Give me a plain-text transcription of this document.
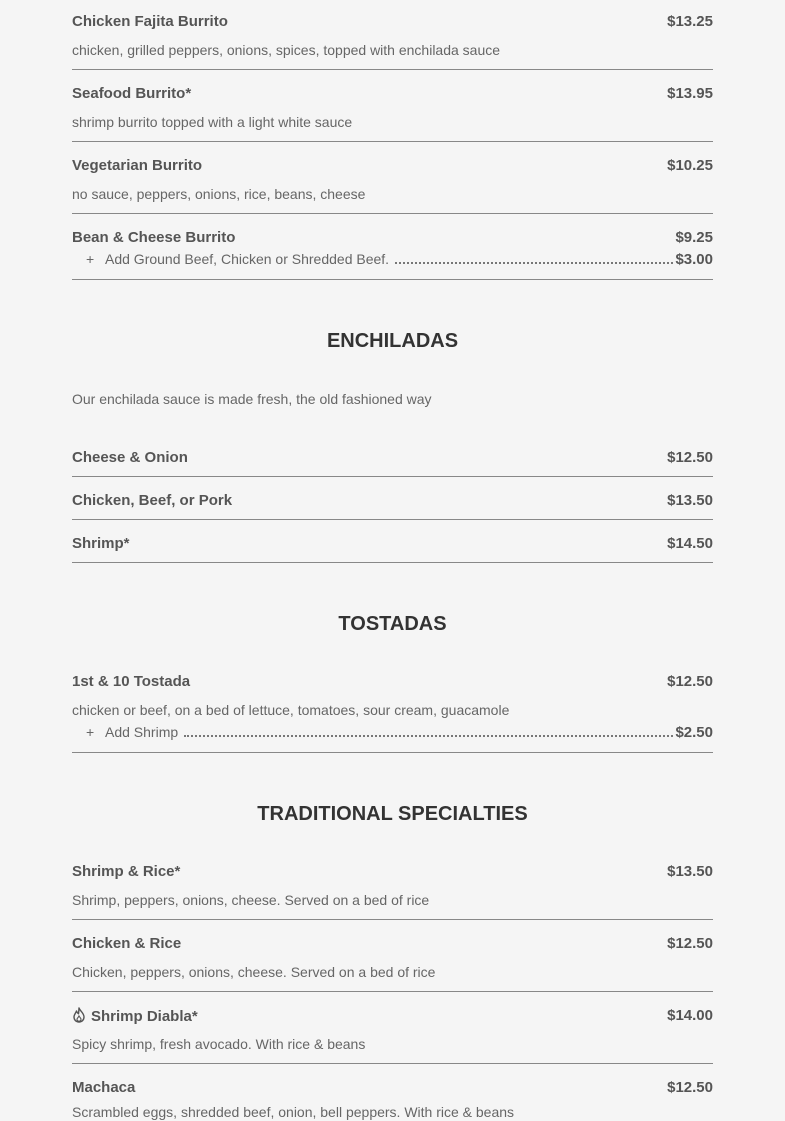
Chicken Fajita Burrito	$13.25
chicken, grilled peppers, onions, spices, topped with enchilada sauce
Seafood Burrito*	$13.95
shrimp burrito topped with a light white sauce
Vegetarian Burrito	$10.25
no sauce, peppers, onions, rice, beans, cheese
Bean & Cheese Burrito	$9.25
+ Add Ground Beef, Chicken or Shredded Beef.	$3.00
ENCHILADAS
Our enchilada sauce is made fresh, the old fashioned way
Cheese & Onion	$12.50
Chicken, Beef, or Pork	$13.50
Shrimp*	$14.50
TOSTADAS
1st & 10 Tostada	$12.50
chicken or beef, on a bed of lettuce, tomatoes, sour cream, guacamole
+ Add Shrimp	$2.50
TRADITIONAL SPECIALTIES
Shrimp & Rice*	$13.50
Shrimp, peppers, onions, cheese. Served on a bed of rice
Chicken & Rice	$12.50
Chicken, peppers, onions, cheese. Served on a bed of rice
Shrimp Diabla*	$14.00
Spicy shrimp, fresh avocado. With rice & beans
Machaca	$12.50
Scrambled eggs, shredded beef, onion, bell peppers. With rice & beans
